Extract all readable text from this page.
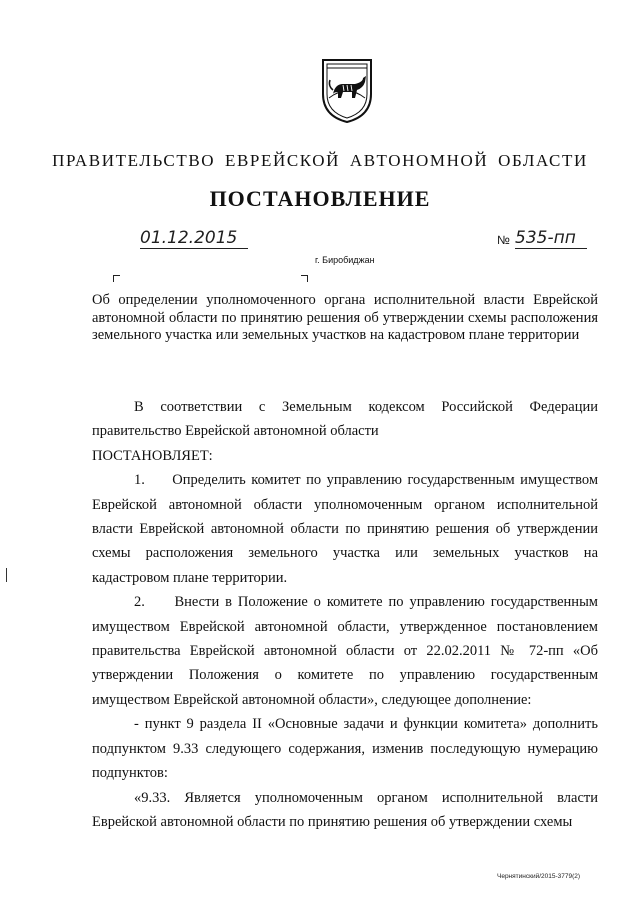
ПРАВИТЕЛЬСТВО ЕВРЕЙСКОЙ АВТОНОМНОЙ ОБЛАСТИ
ПОСТАНОВЛЕНИЕ
01.12.2015	№ 535-пп
г. Биробиджан
Об определении уполномоченного органа исполнительной власти Еврейской автономной области по принятию решения об утверждении схемы расположения земельного участка или земельных участков на кадастровом плане территории

В соответствии с Земельным кодексом Российской Федерации правительство Еврейской автономной области

ПОСТАНОВЛЯЕТ:

1.     Определить комитет по управлению государственным имуществом Еврейской автономной области уполномоченным органом исполнительной власти Еврейской автономной области по принятию решения об утверждении схемы расположения земельного участка или земельных участков на кадастровом плане территории.

2.     Внести в Положение о комитете по управлению государственным имуществом Еврейской автономной области, утвержденное постановлением правительства Еврейской автономной области от 22.02.2011 № 72-пп «Об утверждении Положения о комитете по управлению государственным имуществом Еврейской автономной области», следующее дополнение:

- пункт 9 раздела II «Основные задачи и функции комитета» дополнить подпунктом 9.33 следующего содержания, изменив последующую нумерацию подпунктов:

«9.33. Является уполномоченным органом исполнительной власти Еврейской автономной области по принятию решения об утверждении схемы

Чернятинский/2015-3779(2)
